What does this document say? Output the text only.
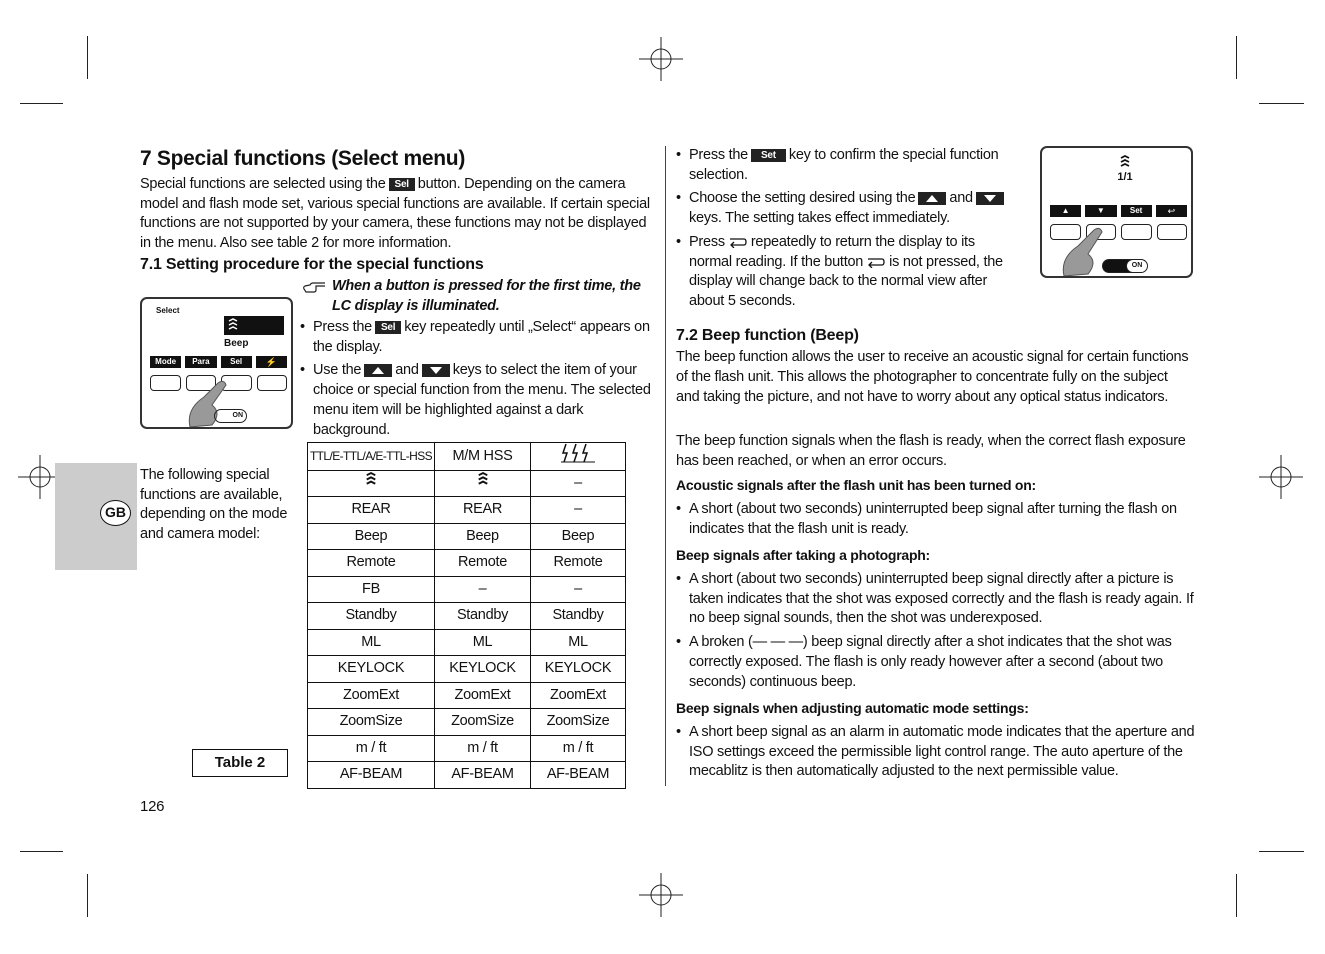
GB
7 Special functions (Select menu)
Special functions are selected using the Sel button. Depending on the camera model and flash mode set, various special functions are available. If certain special functions are not supported by your camera, these functions may not be displayed in the menu. Also see table 2 for more information.
7.1 Setting procedure for the special functions
When a button is pressed for the first time, the LC display is illuminated.
• Press the Sel key repeatedly until „Select“ appears on the display.
• Use the and keys to select the item of your choice or special function from the menu. The selected menu item will be highlighted against a dark background.
Select
Beep
Mode	Para	Sel	⚡
ON
The following special functions are available, depending on the mode and camera model:
Table 2
126
TTL/E-TTL/A/E-TTL-HSS	M/M HSS	
		–
REAR	REAR	–
Beep	Beep	Beep
Remote	Remote	Remote
FB	–	–
Standby	Standby	Standby
ML	ML	ML
KEYLOCK	KEYLOCK	KEYLOCK
ZoomExt	ZoomExt	ZoomExt
ZoomSize	ZoomSize	ZoomSize
m / ft	m / ft	m / ft
AF-BEAM	AF-BEAM	AF-BEAM
• Press the Set key to confirm the special function selection.
• Choose the setting desired using the andkeys. The setting takes effect immediately.
• Press repeatedly to return the display to its normal reading. If the button is not pressed, the display will change back to the normal view after about 5 seconds.
1/1
▲	▼	Set	↩
ON
7.2 Beep function (Beep)
The beep function allows the user to receive an acoustic signal for certain functions of the flash unit. This allows the photographer to concentrate fully on the subject and taking the picture, and not have to worry about any optical status indicators.
The beep function signals when the flash is ready, when the correct flash exposure has been reached, or when an error occurs.
Acoustic signals after the flash unit has been turned on:
• A short (about two seconds) uninterrupted beep signal after turning the flash on indicates that the flash unit is ready.
Beep signals after taking a photograph:
• A short (about two seconds) uninterrupted beep signal directly after a picture is taken indicates that the shot was exposed correctly and the flash is ready again. If no beep signal sounds, then the shot was underexposed.
• A broken (— — —) beep signal directly after a shot indicates that the shot was correctly exposed. The flash is only ready however after a second (about two seconds) continuous beep.
Beep signals when adjusting automatic mode settings:
• A short beep signal as an alarm in automatic mode indicates that the aperture and ISO settings exceed the permissible light control range. The auto aperture of the mecablitz is then automatically adjusted to the next permissible value.
